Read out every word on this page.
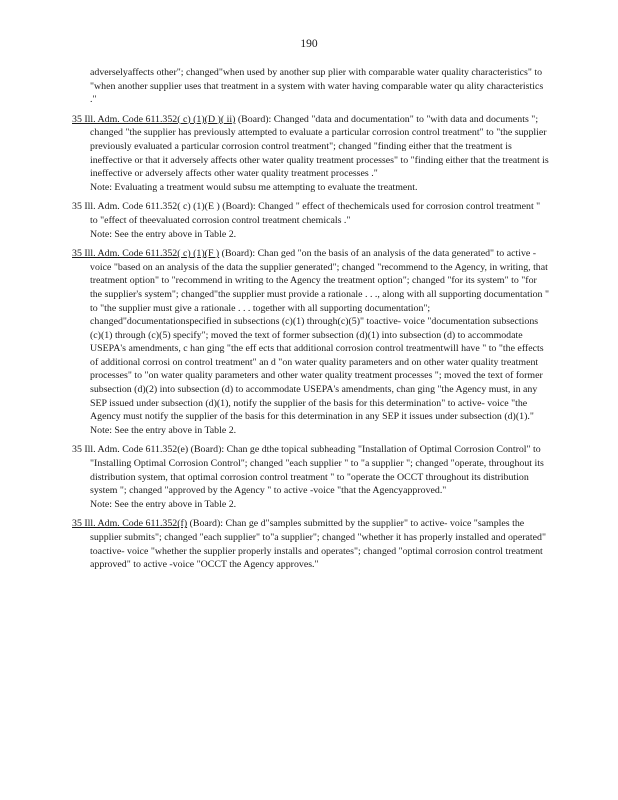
190
adverselyaffects other"; changed"when used by another sup plier with comparable water quality characteristics" to "when another supplier uses that treatment in a system with water having comparable water qu ality characteristics ."
35 Ill. Adm. Code 611.352( c) (1)(D )( ii) (Board): Changed "data and documentation" to "with data and documents "; changed "the supplier has previously attempted to evaluate a particular corrosion control treatment" to "the supplier previously evaluated a particular corrosion control treatment"; changed "finding either that the treatment is ineffective or that it adversely affects other water quality treatment processes" to "finding either that the treatment is ineffective or adversely affects other water quality treatment processes ."
Note: Evaluating a treatment would subsu me attempting to evaluate the treatment.
35 Ill. Adm. Code 611.352( c) (1)(E ) (Board): Changed " effect of thechemicals used for corrosion control treatment " to "effect of theevaluated corrosion control treatment chemicals ."
Note: See the entry above in Table 2.
35 Ill. Adm. Code 611.352( c) (1)(F ) (Board): Chan ged "on the basis of an analysis of the data generated" to active -voice "based on an analysis of the data the supplier generated"; changed "recommend to the Agency, in writing, that treatment option" to "recommend in writing to the Agency the treatment option"; changed "for its system" to "for the supplier's system"; changed"the supplier must provide a rationale . . ., along with all supporting documentation " to "the supplier must give a rationale . . . together with all supporting documentation"; changed"documentationspecified in subsections (c)(1) through(c)(5)" toactive- voice "documentation subsections (c)(1) through (c)(5) specify"; moved the text of former subsection (d)(1) into subsection (d) to accommodate USEPA's amendments, c han ging "the eff ects that additional corrosion control treatmentwill have " to "the effects of additional corrosi on control treatment" an d "on water quality parameters and on other water quality treatment processes" to "on water quality parameters and other water quality treatment processes "; moved the text of former subsection (d)(2) into subsection (d) to accommodate USEPA's amendments, chan ging "the Agency must, in any SEP issued under subsection (d)(1), notify the supplier of the basis for this determination" to active- voice "the Agency must notify the supplier of the basis for this determination in any SEP it issues under subsection (d)(1)."
Note: See the entry above in Table 2.
35 Ill. Adm. Code 611.352(e) (Board): Chan ge dthe topical subheading "Installation of Optimal Corrosion Control" to "Installing Optimal Corrosion Control"; changed "each supplier " to "a supplier "; changed "operate, throughout its distribution system, that optimal corrosion control treatment " to "operate the OCCT throughout its distribution system "; changed "approved by the Agency " to active -voice "that the Agencyapproved."
Note: See the entry above in Table 2.
35 Ill. Adm. Code 611.352(f) (Board): Chan ge d"samples submitted by the supplier" to active- voice "samples the supplier submits"; changed "each supplier" to"a supplier"; changed "whether it has properly installed and operated" toactive- voice "whether the supplier properly installs and operates"; changed "optimal corrosion control treatment approved" to active -voice "OCCT the Agency approves."
